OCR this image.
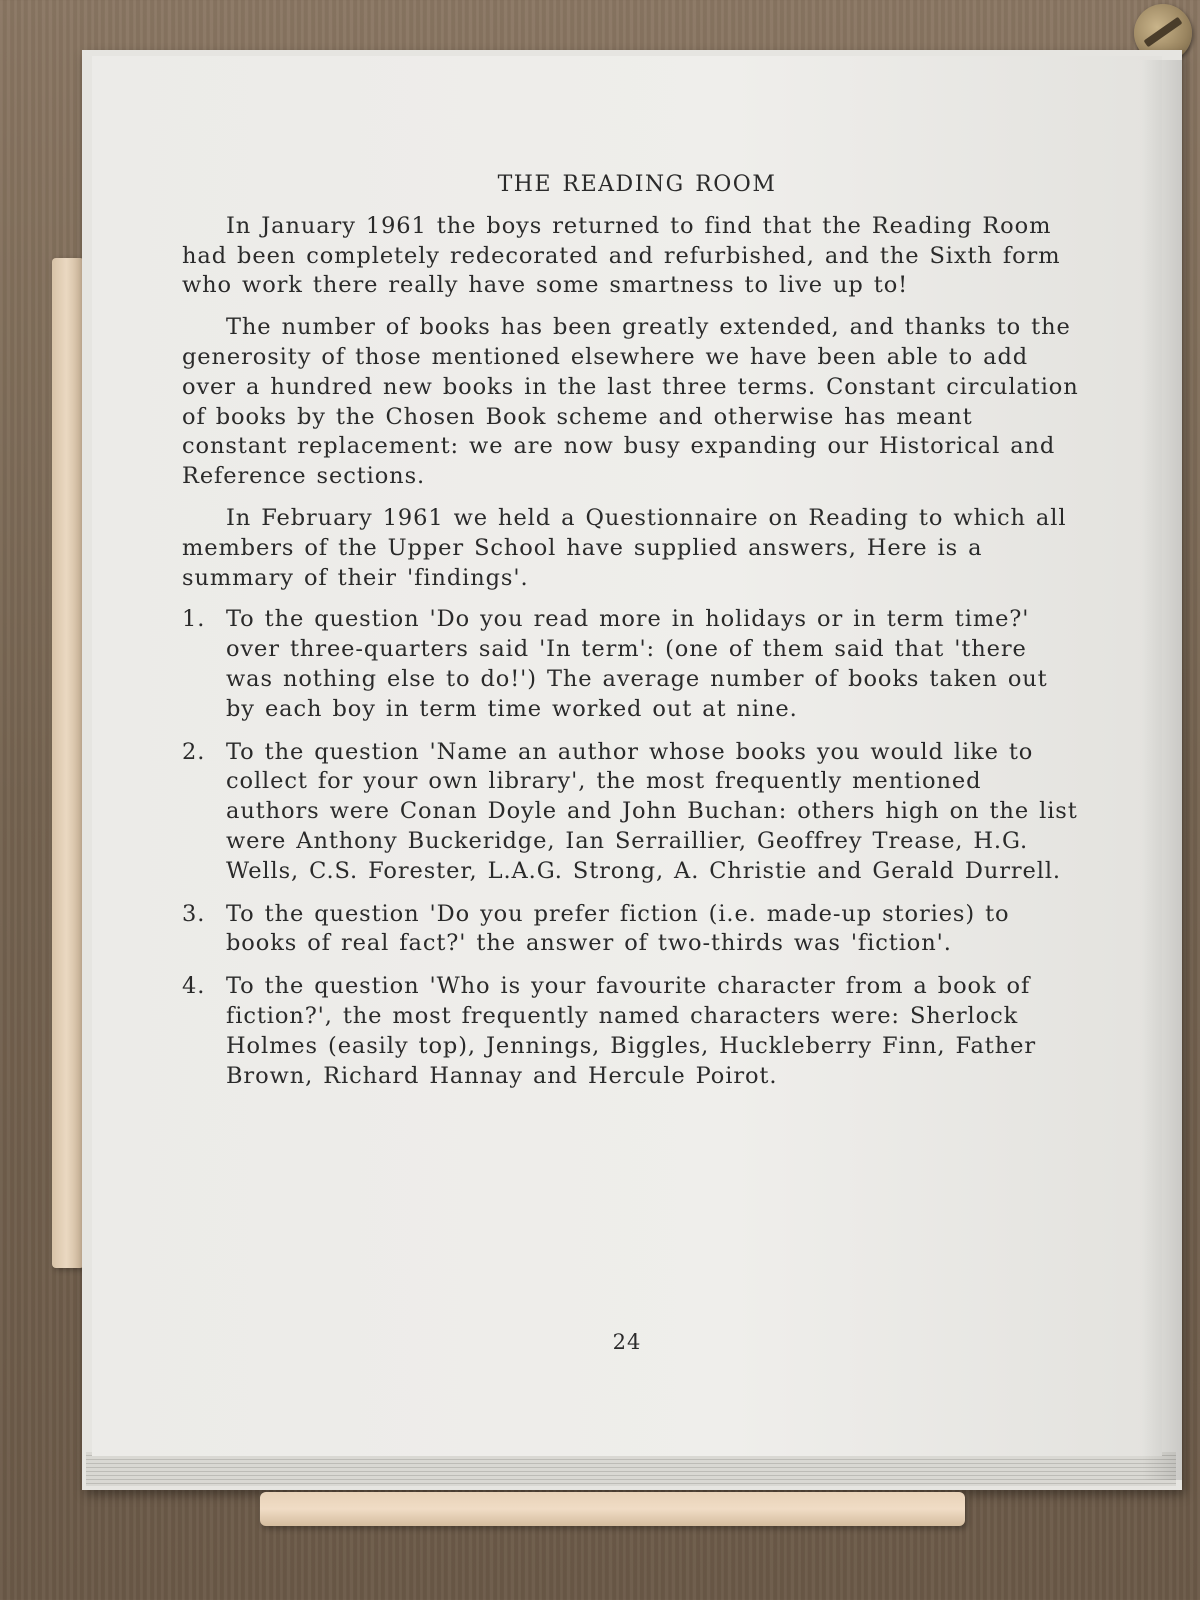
THE READING ROOM

In January 1961 the boys returned to find that the Reading Room had been completely redecorated and refurbished, and the Sixth form who work there really have some smartness to live up to!

The number of books has been greatly extended, and thanks to the generosity of those mentioned elsewhere we have been able to add over a hundred new books in the last three terms. Constant circulation of books by the Chosen Book scheme and otherwise has meant constant replacement: we are now busy expanding our Historical and Reference sections.

In February 1961 we held a Questionnaire on Reading to which all members of the Upper School have supplied answers, Here is a summary of their 'findings'.

1. To the question 'Do you read more in holidays or in term time?' over three-quarters said 'In term': (one of them said that 'there was nothing else to do!') The average number of books taken out by each boy in term time worked out at nine.
2. To the question 'Name an author whose books you would like to collect for your own library', the most frequently mentioned authors were Conan Doyle and John Buchan: others high on the list were Anthony Buckeridge, Ian Serraillier, Geoffrey Trease, H.G. Wells, C.S. Forester, L.A.G. Strong, A. Christie and Gerald Durrell.
3. To the question 'Do you prefer fiction (i.e. made-up stories) to books of real fact?' the answer of two-thirds was 'fiction'.
4. To the question 'Who is your favourite character from a book of fiction?', the most frequently named characters were: Sherlock Holmes (easily top), Jennings, Biggles, Huckleberry Finn, Father Brown, Richard Hannay and Hercule Poirot.
24
